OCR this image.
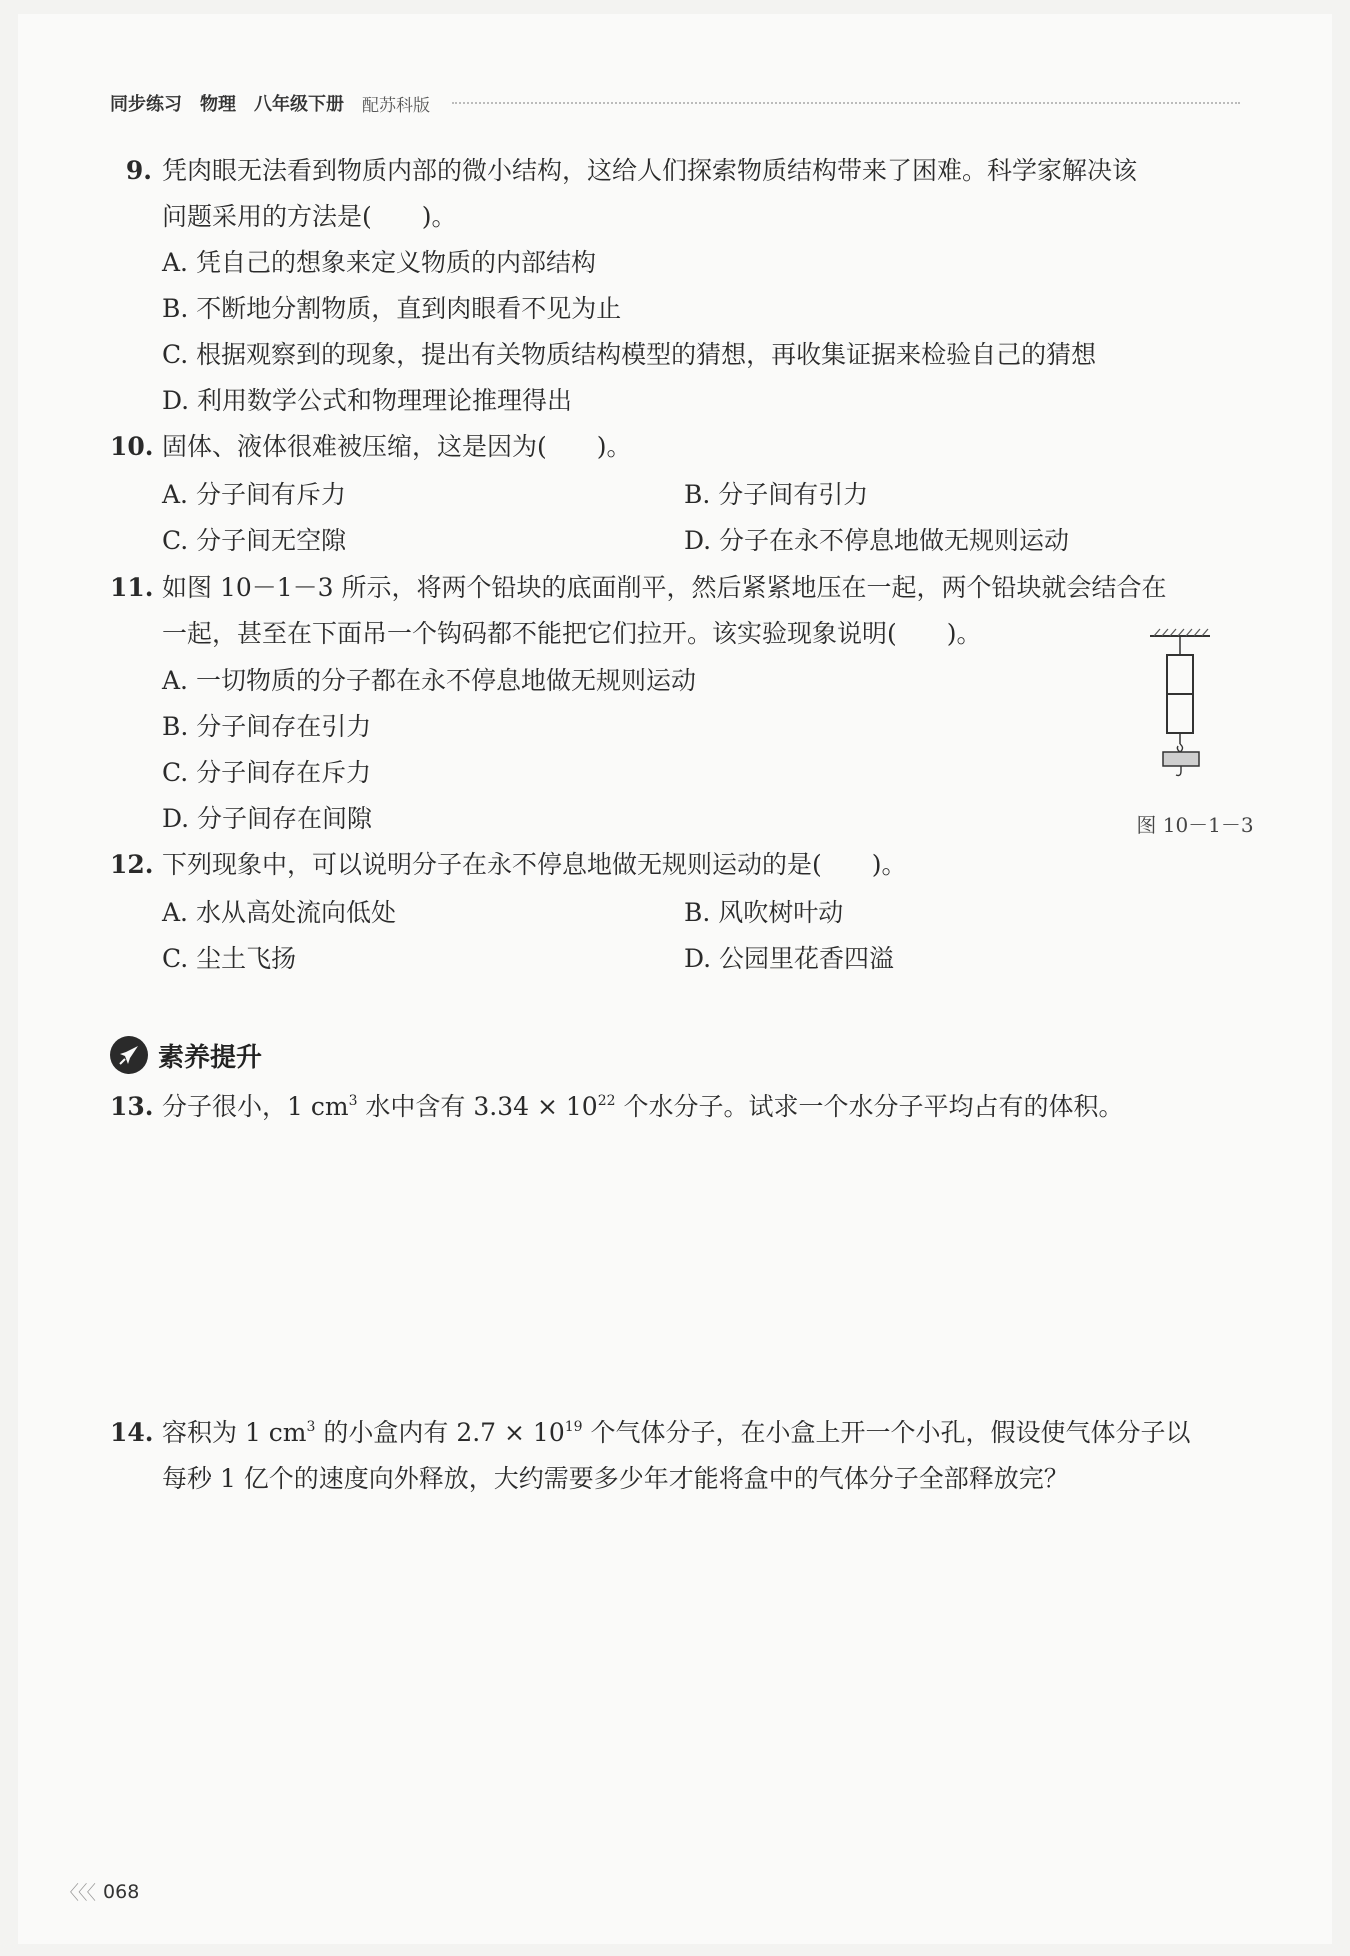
同步练习 物理 八年级下册 配苏科版
9. 凭肉眼无法看到物质内部的微小结构，这给人们探索物质结构带来了困难。科学家解决该
问题采用的方法是(　　)。
A. 凭自己的想象来定义物质的内部结构
B. 不断地分割物质，直到肉眼看不见为止
C. 根据观察到的现象，提出有关物质结构模型的猜想，再收集证据来检验自己的猜想
D. 利用数学公式和物理理论推理得出
10. 固体、液体很难被压缩，这是因为(　　)。
A. 分子间有斥力	B. 分子间有引力
C. 分子间无空隙	D. 分子在永不停息地做无规则运动
11. 如图 10－1－3 所示，将两个铅块的底面削平，然后紧紧地压在一起，两个铅块就会结合在
一起，甚至在下面吊一个钩码都不能把它们拉开。该实验现象说明(　　)。
A. 一切物质的分子都在永不停息地做无规则运动
B. 分子间存在引力
C. 分子间存在斥力
D. 分子间存在间隙	图 10－1－3
12. 下列现象中，可以说明分子在永不停息地做无规则运动的是(　　)。
A. 水从高处流向低处	B. 风吹树叶动
C. 尘土飞扬	D. 公园里花香四溢
素养提升
13. 分子很小，1 $cm^3$ 水中含有 $3.34 \times 10^{22}$ 个水分子。试求一个水分子平均占有的体积。
14. 容积为 1 $cm^3$ 的小盒内有 $2.7 \times 10^{19}$ 个气体分子，在小盒上开一个小孔，假设使气体分子以
每秒 1 亿个的速度向外释放，大约需要多少年才能将盒中的气体分子全部释放完？
〈〈〈 068
